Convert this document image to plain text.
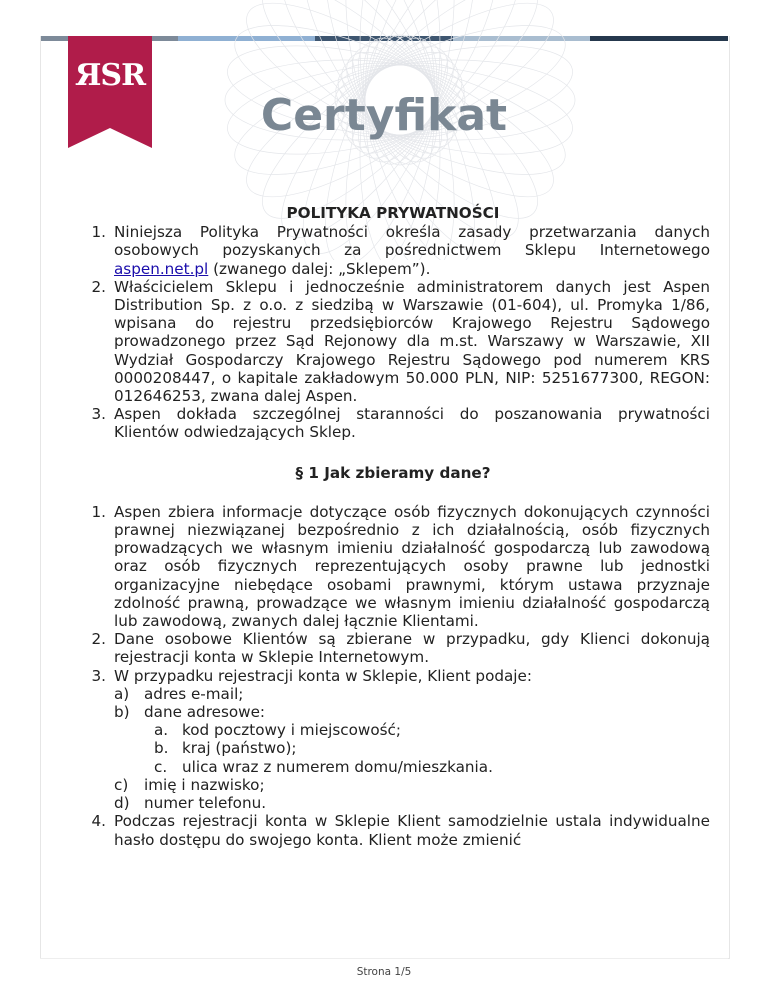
ЯSR
Certyfikat
POLITYKA PRYWATNOŚCI
1. Niniejsza Polityka Prywatności określa zasady przetwarzania danych osobowych pozyskanych za pośrednictwem Sklepu Internetowego aspen.net.pl (zwanego dalej: „Sklepem”).
2. Właścicielem Sklepu i jednocześnie administratorem danych jest Aspen Distribution Sp. z o.o. z siedzibą w Warszawie (01-604), ul. Promyka 1/86, wpisana do rejestru przedsiębiorców Krajowego Rejestru Sądowego prowadzonego przez Sąd Rejonowy dla m.st. Warszawy w Warszawie, XII Wydział Gospodarczy Krajowego Rejestru Sądowego pod numerem KRS 0000208447, o kapitale zakładowym 50.000 PLN, NIP: 5251677300, REGON: 012646253, zwana dalej Aspen.
3. Aspen dokłada szczególnej staranności do poszanowania prywatności Klientów odwiedzających Sklep.
§ 1 Jak zbieramy dane?
1. Aspen zbiera informacje dotyczące osób fizycznych dokonujących czynności prawnej niezwiązanej bezpośrednio z ich działalnością, osób fizycznych prowadzących we własnym imieniu działalność gospodarczą lub zawodową oraz osób fizycznych reprezentujących osoby prawne lub jednostki organizacyjne niebędące osobami prawnymi, którym ustawa przyznaje zdolność prawną, prowadzące we własnym imieniu działalność gospodarczą lub zawodową, zwanych dalej łącznie Klientami.
2. Dane osobowe Klientów są zbierane w przypadku, gdy Klienci dokonują rejestracji konta w Sklepie Internetowym.
3. W przypadku rejestracji konta w Sklepie, Klient podaje:
a) adres e-mail;
b) dane adresowe:
a. kod pocztowy i miejscowość;
b. kraj (państwo);
c. ulica wraz z numerem domu/mieszkania.
c)	imię i nazwisko;
d) numer telefonu.
4. Podczas rejestracji konta w Sklepie Klient samodzielnie ustala indywidualne hasło dostępu do swojego konta. Klient może zmienić
Strona 1/5
